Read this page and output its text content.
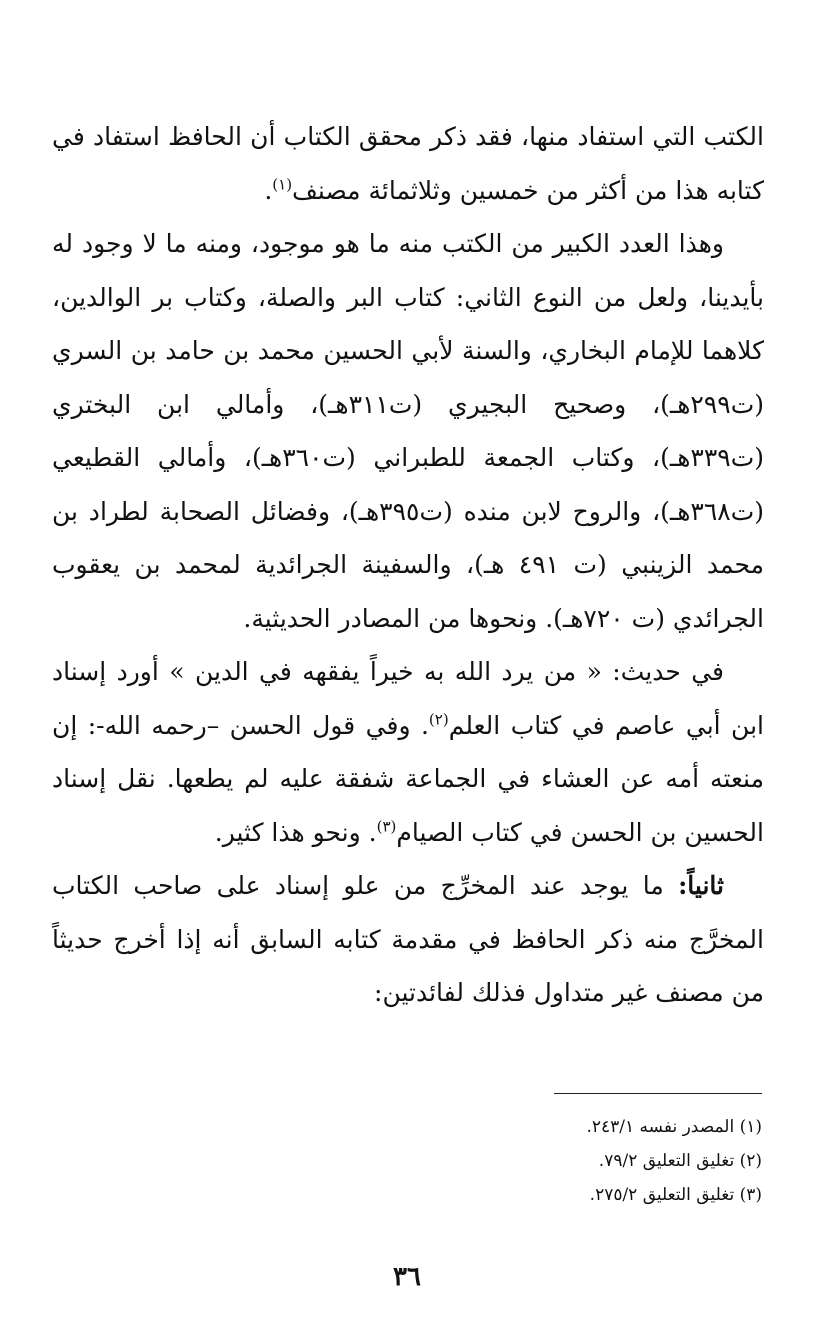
الكتب التي استفاد منها، فقد ذكر محقق الكتاب أن الحافظ استفاد في كتابه هذا من أكثر من خمسين وثلاثمائة مصنف$^{(١)}$.

وهذا العدد الكبير من الكتب منه ما هو موجود، ومنه ما لا وجود له بأيدينا، ولعل من النوع الثاني: كتاب البر والصلة، وكتاب بر الوالدين، كلاهما للإمام البخاري، والسنة لأبي الحسين محمد بن حامد بن السري (ت٢٩٩هـ)، وصحيح البجيري (ت٣١١هـ)، وأمالي ابن البختري (ت٣٣٩هـ)، وكتاب الجمعة للطبراني (ت٣٦٠هـ)، وأمالي القطيعي (ت٣٦٨هـ)، والروح لابن منده (ت٣٩٥هـ)، وفضائل الصحابة لطراد بن محمد الزينبي (ت ٤٩١ هـ)، والسفينة الجرائدية لمحمد بن يعقوب الجرائدي (ت ٧٢٠هـ). ونحوها من المصادر الحديثية.

في حديث: « من يرد الله به خيراً يفقهه في الدين » أورد إسناد ابن أبي عاصم في كتاب العلم$^{(٢)}$. وفي قول الحسن –رحمه الله-: إن منعته أمه عن العشاء في الجماعة شفقة عليه لم يطعها. نقل إسناد الحسين بن الحسن في كتاب الصيام$^{(٣)}$. ونحو هذا كثير.

ثانياً: ما يوجد عند المخرِّج من علو إسناد على صاحب الكتاب المخرَّج منه ذكر الحافظ في مقدمة كتابه السابق أنه إذا أخرج حديثاً من مصنف غير متداول فذلك لفائدتين:

(١) المصدر نفسه ٢٤٣/١.
(٢) تغليق التعليق ٧٩/٢.
(٣) تغليق التعليق ٢٧٥/٢.
٣٦
